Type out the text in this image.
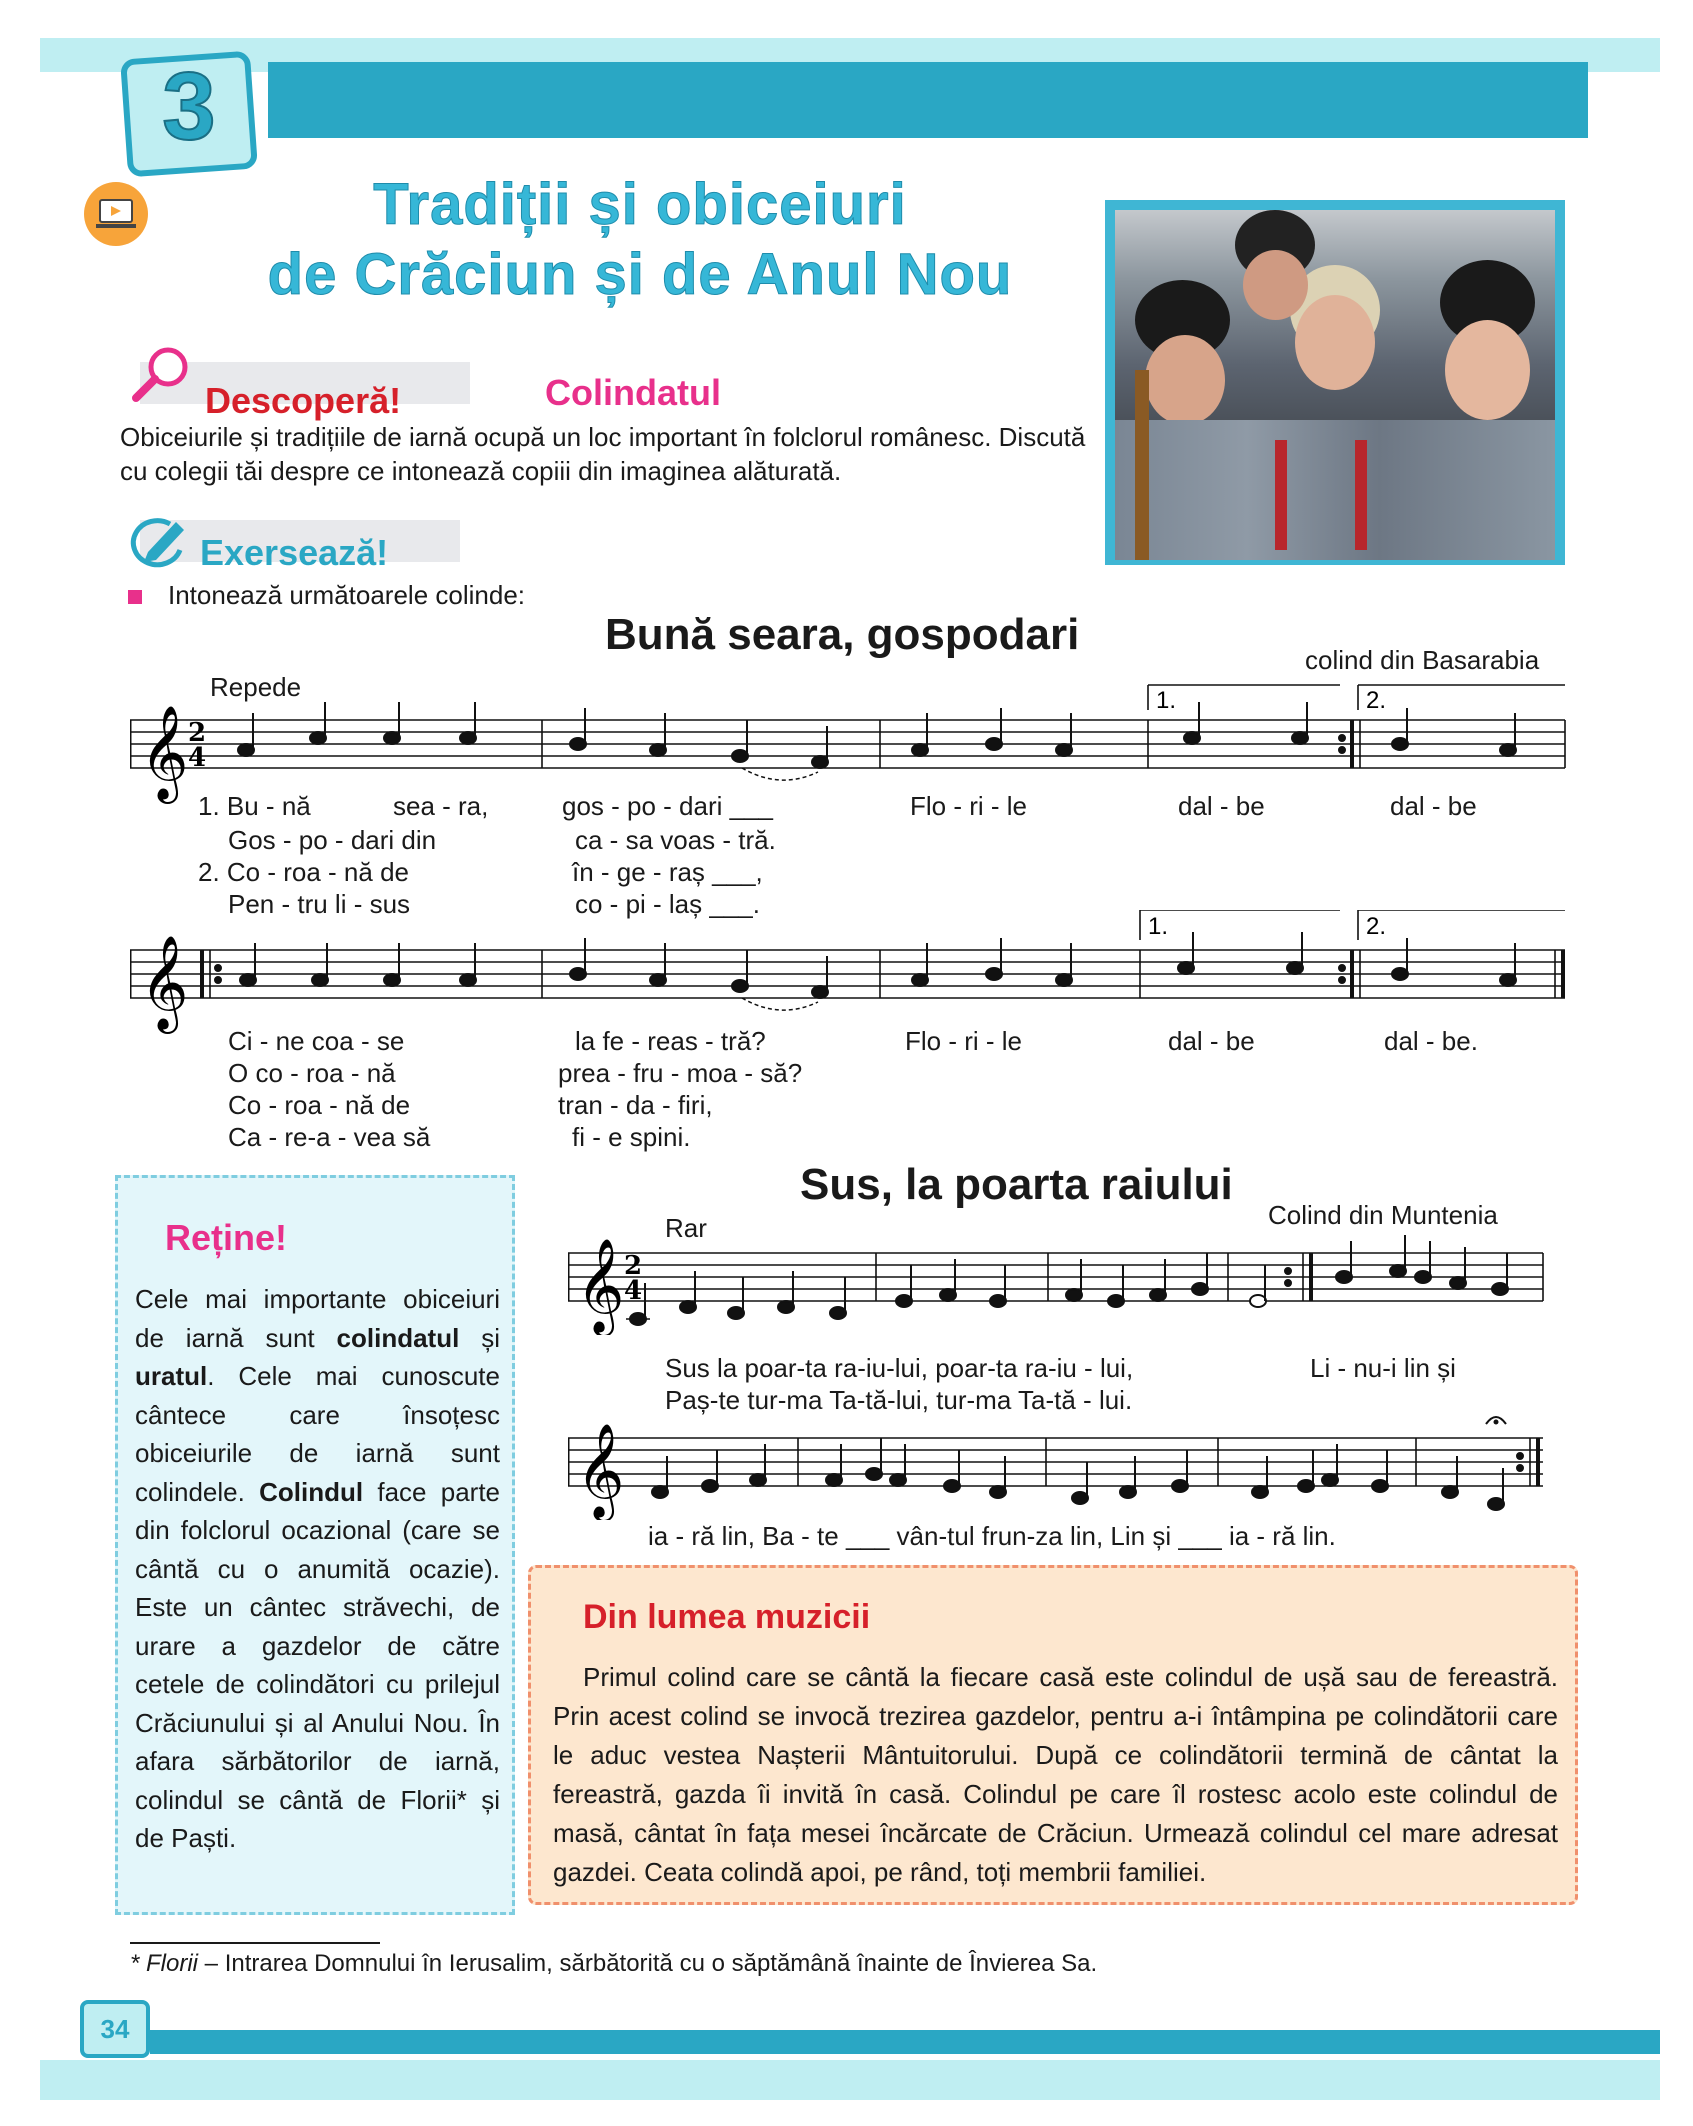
3
Tradiții și obiceiuri
de Crăciun și de Anul Nou
Descoperă!	Colindatul
Obiceiurile și tradițiile de iarnă ocupă un loc important în folclorul românesc. Discută cu colegii tăi despre ce intonează copiii din imaginea alăturată.
Exersează!
Intonează următoarele colinde:
Bună seara, gospodari
colind din Basarabia
Repede
𝄞 2
4
1.	2.
1. Bu - nă	sea - ra,	gos - po - dari ___	Flo - ri - le	dal - be	dal - be
Gos - po - dari din	ca - sa voas - tră.
2. Co - roa - nă de	în - ge - raș ___,
Pen - tru li - sus	co - pi - laș ___.
𝄞
1.	2.
Ci - ne coa - se	la fe - reas - tră?	Flo - ri - le	dal - be	dal - be.
O co - roa - nă	prea - fru - moa - să?
Co - roa - nă de	tran - da - firi,
Ca - re-a - vea să	fi - e spini.
Reține!
Cele mai importante obiceiuri de iarnă sunt colindatul și uratul. Cele mai cunoscute cântece care însoțesc obiceiurile de iarnă sunt colindele. Colindul face parte din folclorul ocazional (care se cântă cu o anumită ocazie). Este un cântec străvechi, de urare a gazdelor de către cetele de colindători cu prilejul Crăciunului și al Anului Nou. În afara sărbătorilor de iarnă, colindul se cântă de Florii* și de Paști.
Sus, la poarta raiului
Colind din Muntenia
Rar
𝄞 2
4
Sus la poar-ta ra-iu-lui, poar-ta ra-iu - lui,	Li - nu-i lin și
Paș-te tur-ma Ta-tă-lui, tur-ma Ta-tă - lui.
𝄞
ia - ră lin, Ba - te ___ vân-tul frun-za lin, Lin și ___ ia - ră lin.
Din lumea muzicii
Primul colind care se cântă la fiecare casă este colindul de ușă sau de fereastră. Prin acest colind se invocă trezirea gazdelor, pentru a-i întâmpina pe colindătorii care le aduc vestea Nașterii Mântuitorului. După ce colindătorii termină de cântat la fereastră, gazda îi invită în casă. Colindul pe care îl rostesc acolo este colindul de masă, cântat în fața mesei încărcate de Crăciun. Urmează colindul cel mare adresat gazdei. Ceata colindă apoi, pe rând, toți membrii familiei.
* Florii – Intrarea Domnului în Ierusalim, sărbătorită cu o săptămână înainte de Învierea Sa.
34
